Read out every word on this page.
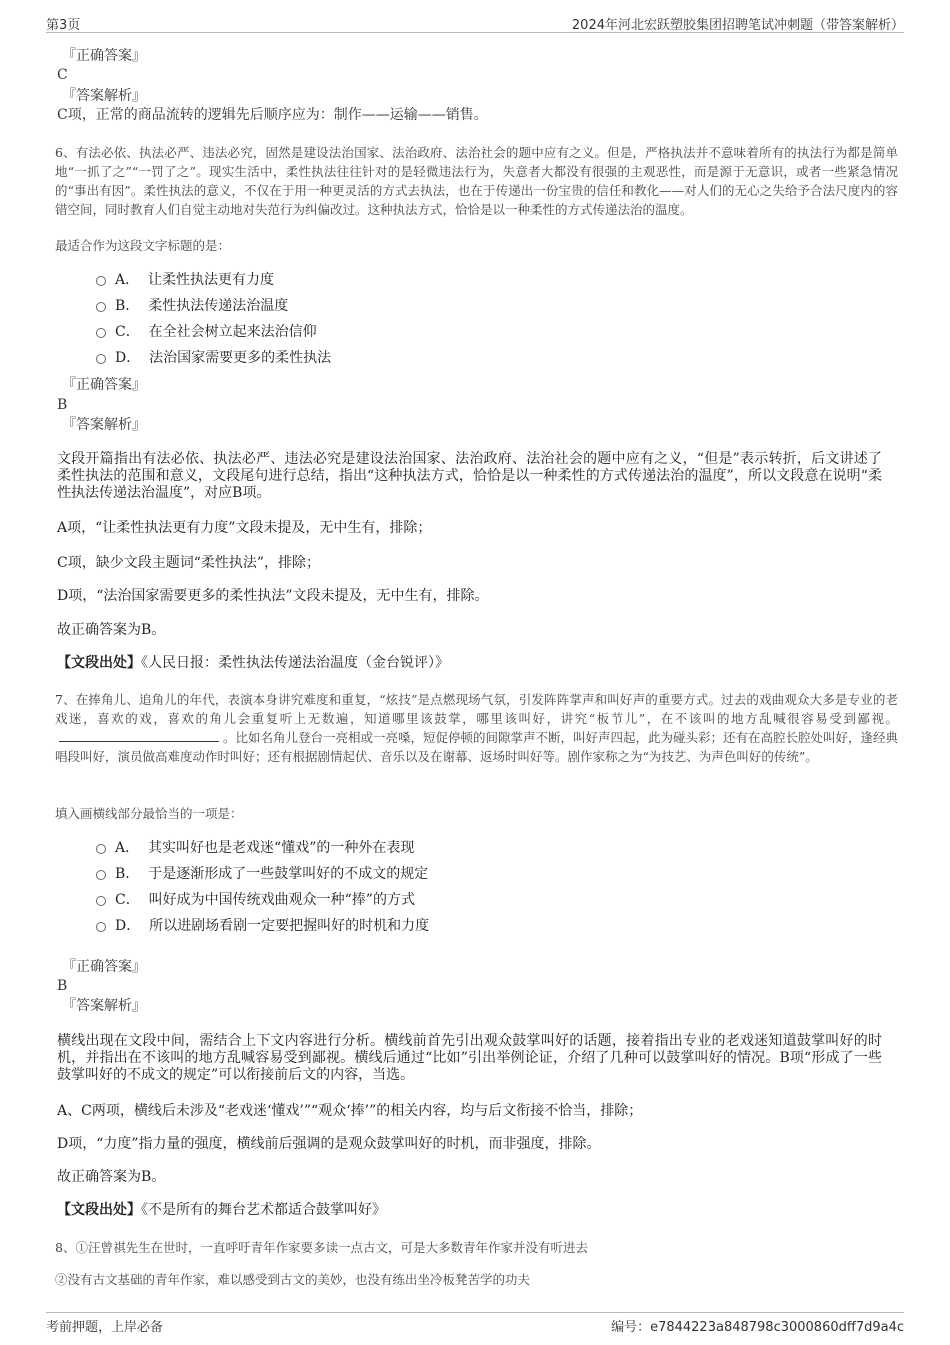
第3页	2024年河北宏跃塑胶集团招聘笔试冲刺题（带答案解析）
『正确答案』
C
『答案解析』
C项，正常的商品流转的逻辑先后顺序应为：制作——运输——销售。
6、有法必依、执法必严、违法必究，固然是建设法治国家、法治政府、法治社会的题中应有之义。但是，严格执法并不意味着所有的执法行为都是简单地“一抓了之”“一罚了之”。现实生活中，柔性执法往往针对的是轻微违法行为，失意者大都没有很强的主观恶性，而是源于无意识，或者一些紧急情况的“事出有因”。柔性执法的意义，不仅在于用一种更灵活的方式去执法，也在于传递出一份宝贵的信任和教化——对人们的无心之失给予合法尺度内的容错空间，同时教育人们自觉主动地对失范行为纠偏改过。这种执法方式，恰恰是以一种柔性的方式传递法治的温度。
最适合作为这段文字标题的是：
A． 让柔性执法更有力度
B． 柔性执法传递法治温度
C． 在全社会树立起来法治信仰
D． 法治国家需要更多的柔性执法
『正确答案』
B
『答案解析』
文段开篇指出有法必依、执法必严、违法必究是建设法治国家、法治政府、法治社会的题中应有之义，“但是”表示转折，后文讲述了柔性执法的范围和意义，文段尾句进行总结，指出“这种执法方式，恰恰是以一种柔性的方式传递法治的温度”，所以文段意在说明“柔性执法传递法治温度”，对应B项。
A项，“让柔性执法更有力度”文段未提及，无中生有，排除；
C项，缺少文段主题词“柔性执法”，排除；
D项，“法治国家需要更多的柔性执法”文段未提及，无中生有，排除。
故正确答案为B。
【文段出处】《人民日报：柔性执法传递法治温度（金台锐评）》
7、在捧角儿、追角儿的年代，表演本身讲究难度和重复，“炫技”是点燃现场气氛，引发阵阵掌声和叫好声的重要方式。过去的戏曲观众大多是专业的老戏迷，喜欢的戏，喜欢的角儿会重复听上无数遍，知道哪里该鼓掌，哪里该叫好，讲究“板节儿”，在不该叫的地方乱喊很容易受到鄙视。。比如名角儿登台一亮相或一亮嗓，短促停顿的间隙掌声不断，叫好声四起，此为碰头彩；还有在高腔长腔处叫好，逢经典唱段叫好，演员做高难度动作时叫好；还有根据剧情起伏、音乐以及在谢幕、返场时叫好等。剧作家称之为“为技艺、为声色叫好的传统”。
填入画横线部分最恰当的一项是：
A． 其实叫好也是老戏迷“懂戏”的一种外在表现
B． 于是逐渐形成了一些鼓掌叫好的不成文的规定
C． 叫好成为中国传统戏曲观众一种“捧”的方式
D． 所以进剧场看剧一定要把握叫好的时机和力度
『正确答案』
B
『答案解析』
横线出现在文段中间，需结合上下文内容进行分析。横线前首先引出观众鼓掌叫好的话题，接着指出专业的老戏迷知道鼓掌叫好的时机，并指出在不该叫的地方乱喊容易受到鄙视。横线后通过“比如”引出举例论证，介绍了几种可以鼓掌叫好的情况。B项“形成了一些鼓掌叫好的不成文的规定”可以衔接前后文的内容，当选。
A、C两项，横线后未涉及“老戏迷‘懂戏’”“观众‘捧’”的相关内容，均与后文衔接不恰当，排除；
D项，“力度”指力量的强度，横线前后强调的是观众鼓掌叫好的时机，而非强度，排除。
故正确答案为B。
【文段出处】《不是所有的舞台艺术都适合鼓掌叫好》
8、①汪曾祺先生在世时，一直呼吁青年作家要多读一点古文，可是大多数青年作家并没有听进去
②没有古文基础的青年作家，难以感受到古文的美妙，也没有练出坐冷板凳苦学的功夫
考前押题，上岸必备	编号：e7844223a848798c3000860dff7d9a4c
